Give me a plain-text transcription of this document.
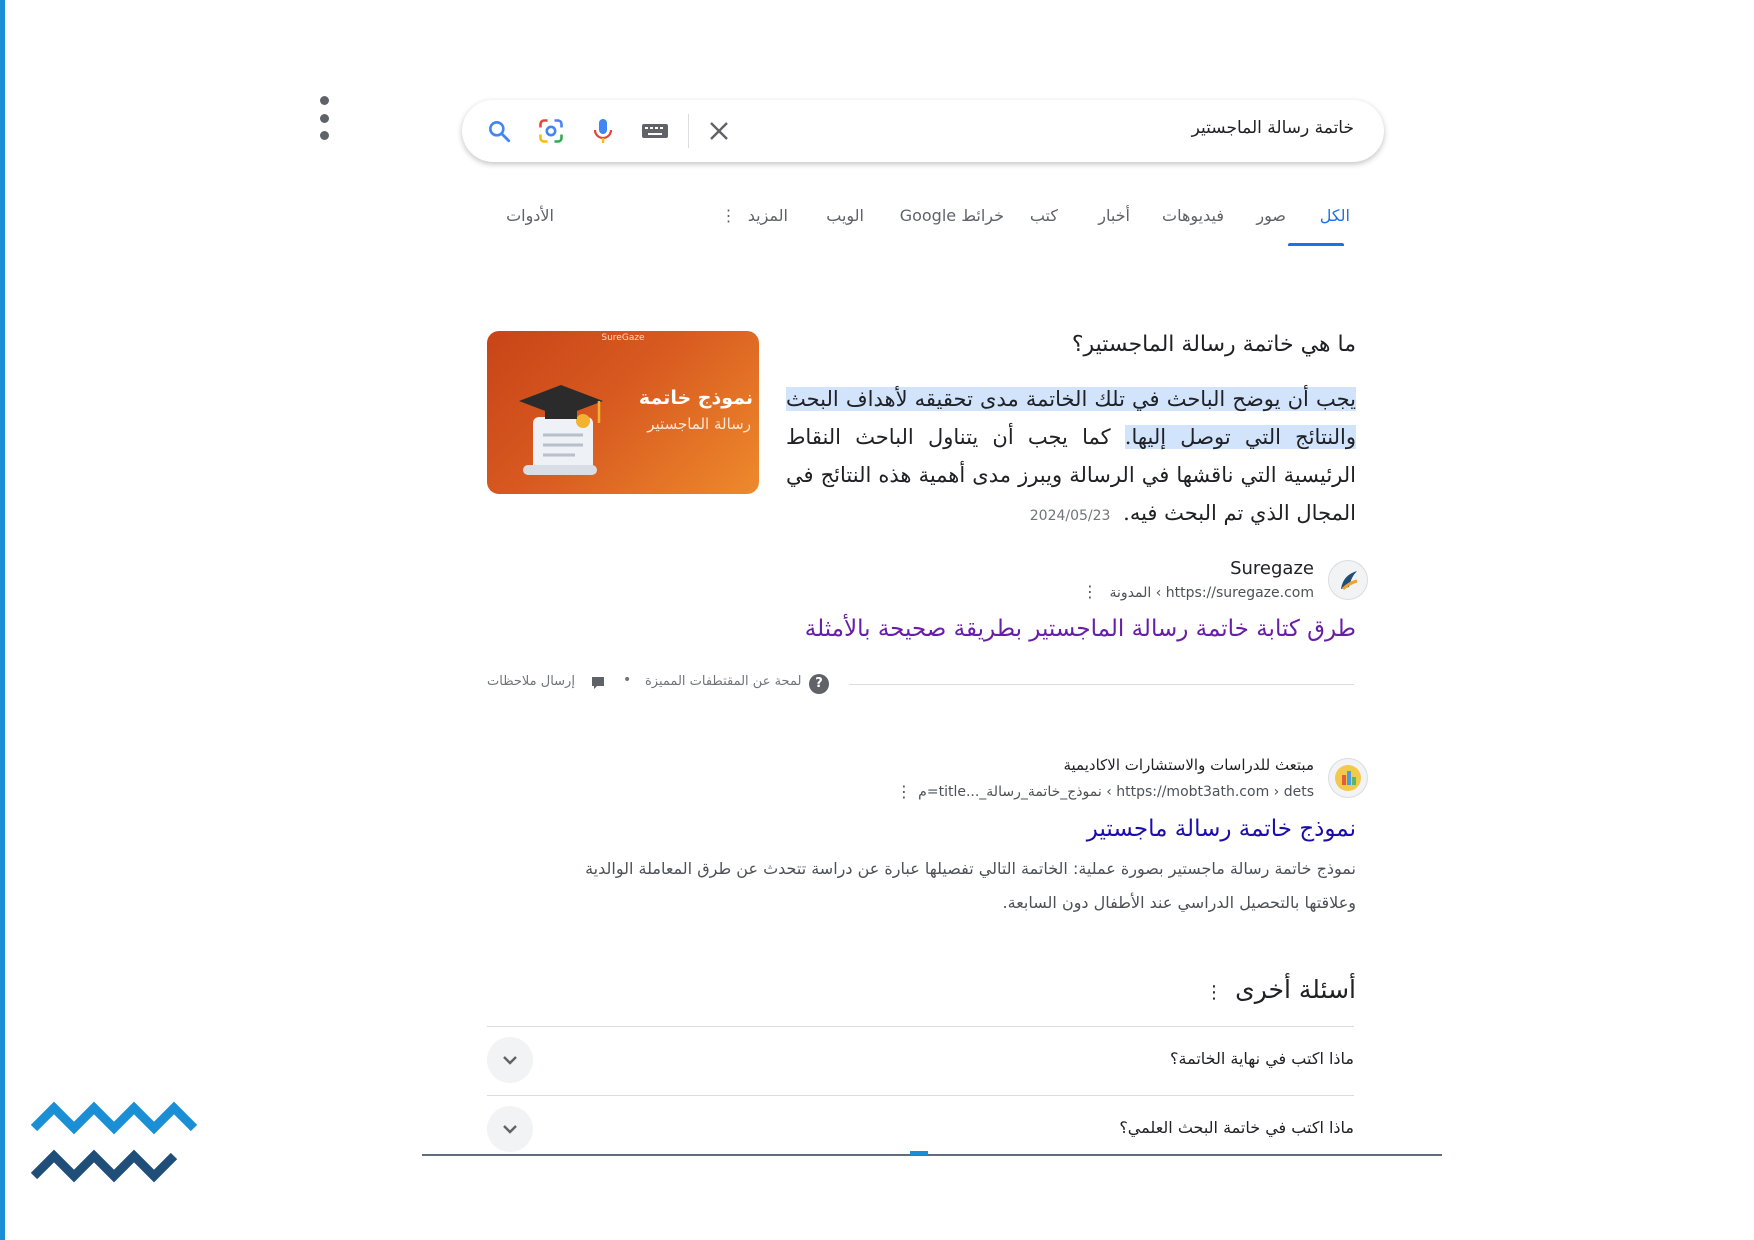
خاتمة رسالة الماجستير
الكل
صور
فيديوهات
أخبار
كتب
خرائط Google
الويب
المزيد ⋮
الأدوات
ما هي خاتمة رسالة الماجستير؟
يجب أن يوضح الباحث في تلك الخاتمة مدى تحقيقه لأهداف البحث والنتائج التي توصل إليها. كما يجب أن يتناول الباحث النقاط الرئيسية التي ناقشها في الرسالة ويبرز مدى أهمية هذه النتائج في المجال الذي تم البحث فيه. 2024/05/23
SureGaze
نموذج خاتمة
رسالة الماجستير
Suregaze
https://suregaze.com › المدونة
⋮
طرق كتابة خاتمة رسالة الماجستير بطريقة صحيحة بالأمثلة
?
لمحة عن المقتطفات المميزة
•
إرسال ملاحظات
مبتعث للدراسات والاستشارات الاكاديمية
https://mobt3ath.com › dets › نموذج_خاتمة_رسالة_...title=م
⋮
نموذج خاتمة رسالة ماجستير
نموذج خاتمة رسالة ماجستير بصورة عملية: الخاتمة التالي تفصيلها عبارة عن دراسة تتحدث عن طرق المعاملة الوالدية وعلاقتها بالتحصيل الدراسي عند الأطفال دون السابعة.
أسئلة أخرى
⋮
ماذا اكتب في نهاية الخاتمة؟
ماذا اكتب في خاتمة البحث العلمي؟
